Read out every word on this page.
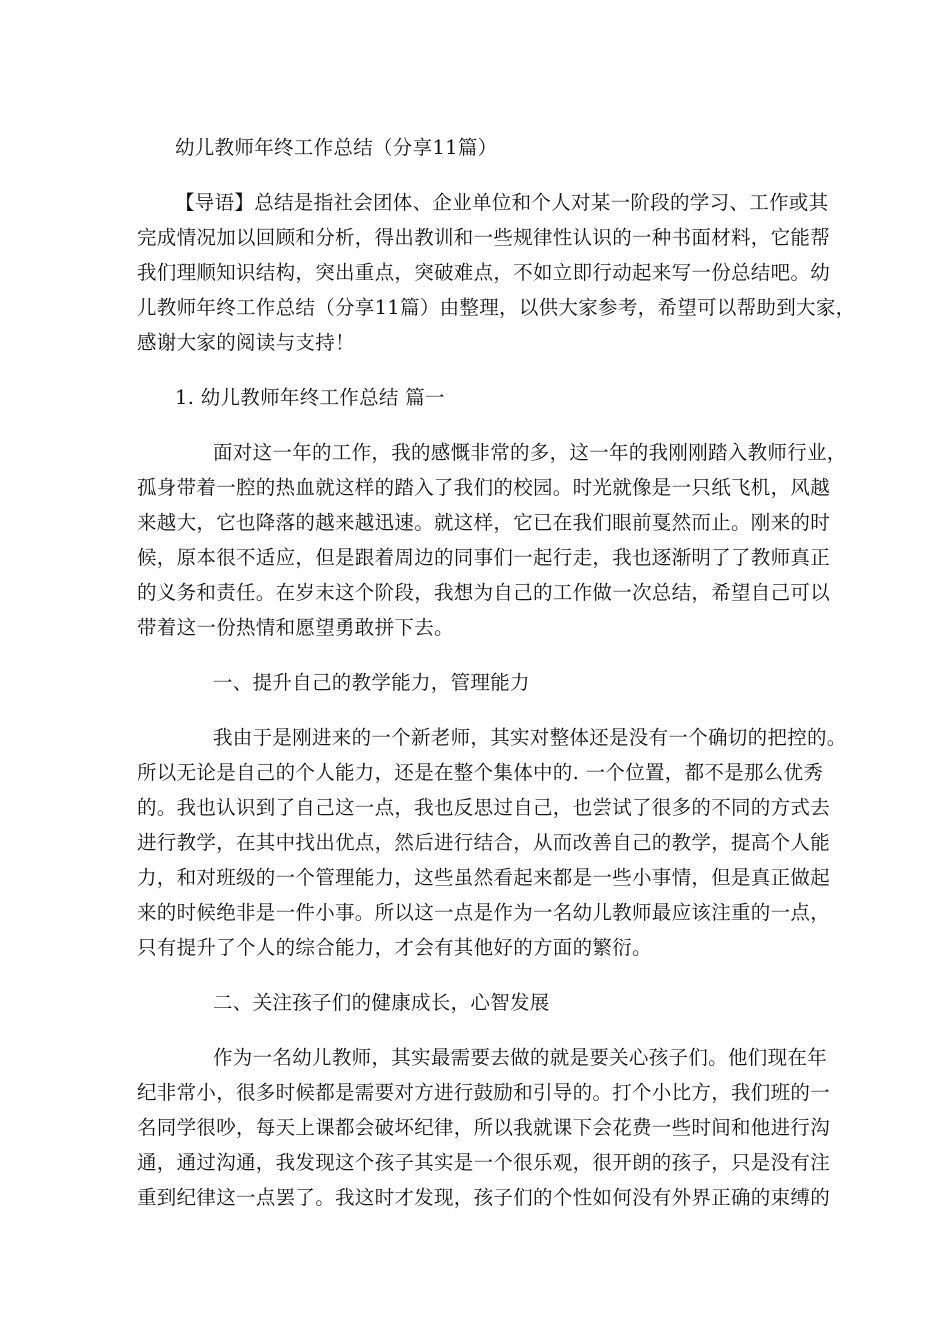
幼儿教师年终工作总结（分享11篇）
【导语】总结是指社会团体、企业单位和个人对某一阶段的学习、工作或其
完成情况加以回顾和分析，得出教训和一些规律性认识的一种书面材料，它能帮
我们理顺知识结构，突出重点，突破难点，不如立即行动起来写一份总结吧。幼
儿教师年终工作总结（分享11篇）由整理，以供大家参考，希望可以帮助到大家，
感谢大家的阅读与支持！
1. 幼儿教师年终工作总结 篇一
面对这一年的工作，我的感慨非常的多，这一年的我刚刚踏入教师行业，
孤身带着一腔的热血就这样的踏入了我们的校园。时光就像是一只纸飞机，风越
来越大，它也降落的越来越迅速。就这样，它已在我们眼前戛然而止。刚来的时
候，原本很不适应，但是跟着周边的同事们一起行走，我也逐渐明了了教师真正
的义务和责任。在岁末这个阶段，我想为自己的工作做一次总结，希望自己可以
带着这一份热情和愿望勇敢拼下去。
一、提升自己的教学能力，管理能力
我由于是刚进来的一个新老师，其实对整体还是没有一个确切的把控的。
所以无论是自己的个人能力，还是在整个集体中的. 一个位置，都不是那么优秀
的。我也认识到了自己这一点，我也反思过自己，也尝试了很多的不同的方式去
进行教学，在其中找出优点，然后进行结合，从而改善自己的教学，提高个人能
力，和对班级的一个管理能力，这些虽然看起来都是一些小事情，但是真正做起
来的时候绝非是一件小事。所以这一点是作为一名幼儿教师最应该注重的一点，
只有提升了个人的综合能力，才会有其他好的方面的繁衍。
二、关注孩子们的健康成长，心智发展
作为一名幼儿教师，其实最需要去做的就是要关心孩子们。他们现在年
纪非常小，很多时候都是需要对方进行鼓励和引导的。打个小比方，我们班的一
名同学很吵，每天上课都会破坏纪律，所以我就课下会花费一些时间和他进行沟
通，通过沟通，我发现这个孩子其实是一个很乐观，很开朗的孩子，只是没有注
重到纪律这一点罢了。我这时才发现，孩子们的个性如何没有外界正确的束缚的
